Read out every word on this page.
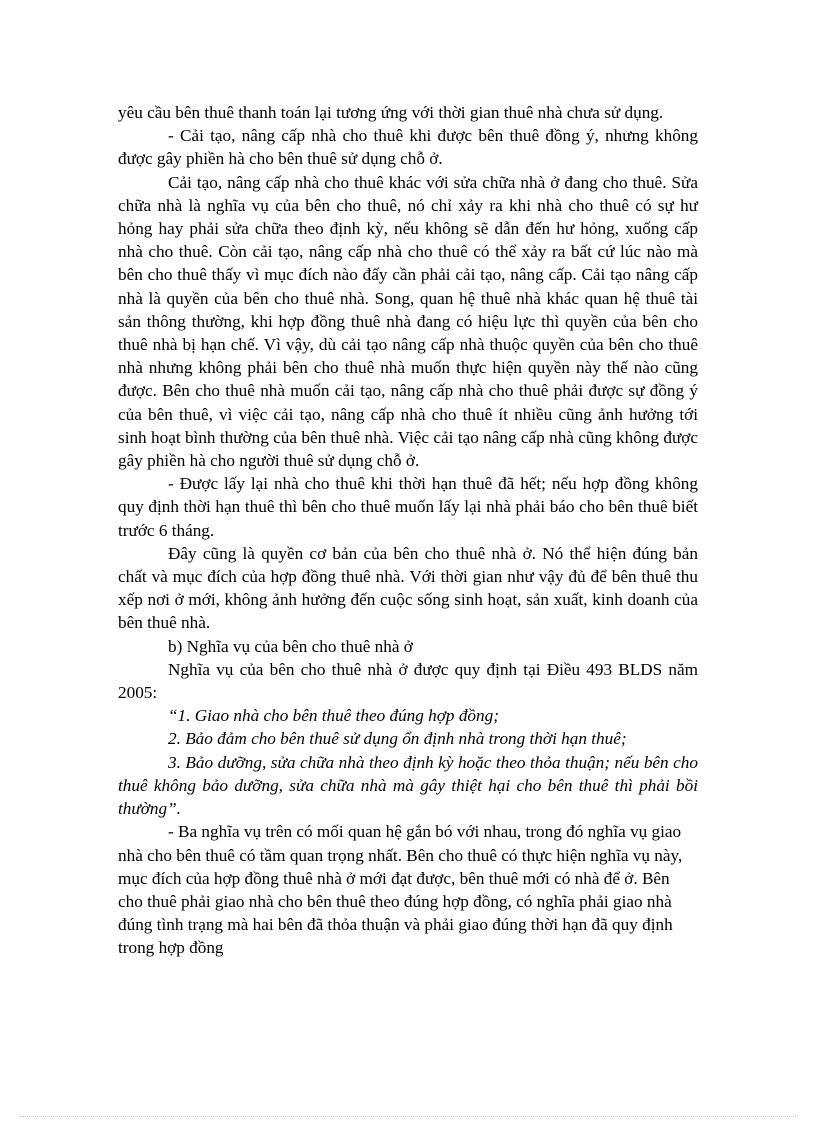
yêu cầu bên thuê thanh toán lại tương ứng với thời gian thuê nhà chưa sử dụng.

- Cải tạo, nâng cấp nhà cho thuê khi được bên thuê đồng ý, nhưng không được gây phiền hà cho bên thuê sử dụng chỗ ở.

Cải tạo, nâng cấp nhà cho thuê khác với sửa chữa nhà ở đang cho thuê. Sửa chữa nhà là nghĩa vụ của bên cho thuê, nó chỉ xảy ra khi nhà cho thuê có sự hư hỏng hay phải sửa chữa theo định kỳ, nếu không sẽ dẫn đến hư hỏng, xuống cấp nhà cho thuê. Còn cải tạo, nâng cấp nhà cho thuê có thể xảy ra bất cứ lúc nào mà bên cho thuê thấy vì mục đích nào đấy cần phải cải tạo, nâng cấp. Cải tạo nâng cấp nhà là quyền của bên cho thuê nhà. Song, quan hệ thuê nhà khác quan hệ thuê tài sản thông thường, khi hợp đồng thuê nhà đang có hiệu lực thì quyền của bên cho thuê nhà bị hạn chế. Vì vậy, dù cải tạo nâng cấp nhà thuộc quyền của bên cho thuê nhà nhưng không phải bên cho thuê nhà muốn thực hiện quyền này thế nào cũng được. Bên cho thuê nhà muốn cải tạo, nâng cấp nhà cho thuê phải được sự đồng ý của bên thuê, vì việc cải tạo, nâng cấp nhà cho thuê ít nhiều cũng ảnh hưởng tới sinh hoạt bình thường của bên thuê nhà. Việc cải tạo nâng cấp nhà cũng không được gây phiền hà cho người thuê sử dụng chỗ ở.

- Được lấy lại nhà cho thuê khi thời hạn thuê đã hết; nếu hợp đồng không quy định thời hạn thuê thì bên cho thuê muốn lấy lại nhà phải báo cho bên thuê biết trước 6 tháng.

Đây cũng là quyền cơ bản của bên cho thuê nhà ở. Nó thể hiện đúng bản chất và mục đích của hợp đồng thuê nhà. Với thời gian như vậy đủ để bên thuê thu xếp nơi ở mới, không ảnh hưởng đến cuộc sống sinh hoạt, sản xuất, kinh doanh của bên thuê nhà.

b) Nghĩa vụ của bên cho thuê nhà ở

Nghĩa vụ của bên cho thuê nhà ở được quy định tại Điều 493 BLDS năm 2005:

“1. Giao nhà cho bên thuê theo đúng hợp đồng;

2. Bảo đảm cho bên thuê sử dụng ổn định nhà trong thời hạn thuê;

3. Bảo dưỡng, sửa chữa nhà theo định kỳ hoặc theo thỏa thuận; nếu bên cho thuê không bảo dưỡng, sửa chữa nhà mà gây thiệt hại cho bên thuê thì phải bồi thường”.

- Ba nghĩa vụ trên có mối quan hệ gắn bó với nhau, trong đó nghĩa vụ giao nhà cho bên thuê có tầm quan trọng nhất. Bên cho thuê có thực hiện nghĩa vụ này, mục đích của hợp đồng thuê nhà ở mới đạt được, bên thuê mới có nhà để ở. Bên cho thuê phải giao nhà cho bên thuê theo đúng hợp đồng, có nghĩa phải giao nhà đúng tình trạng mà hai bên đã thỏa thuận và phải giao đúng thời hạn đã quy định trong hợp đồng
